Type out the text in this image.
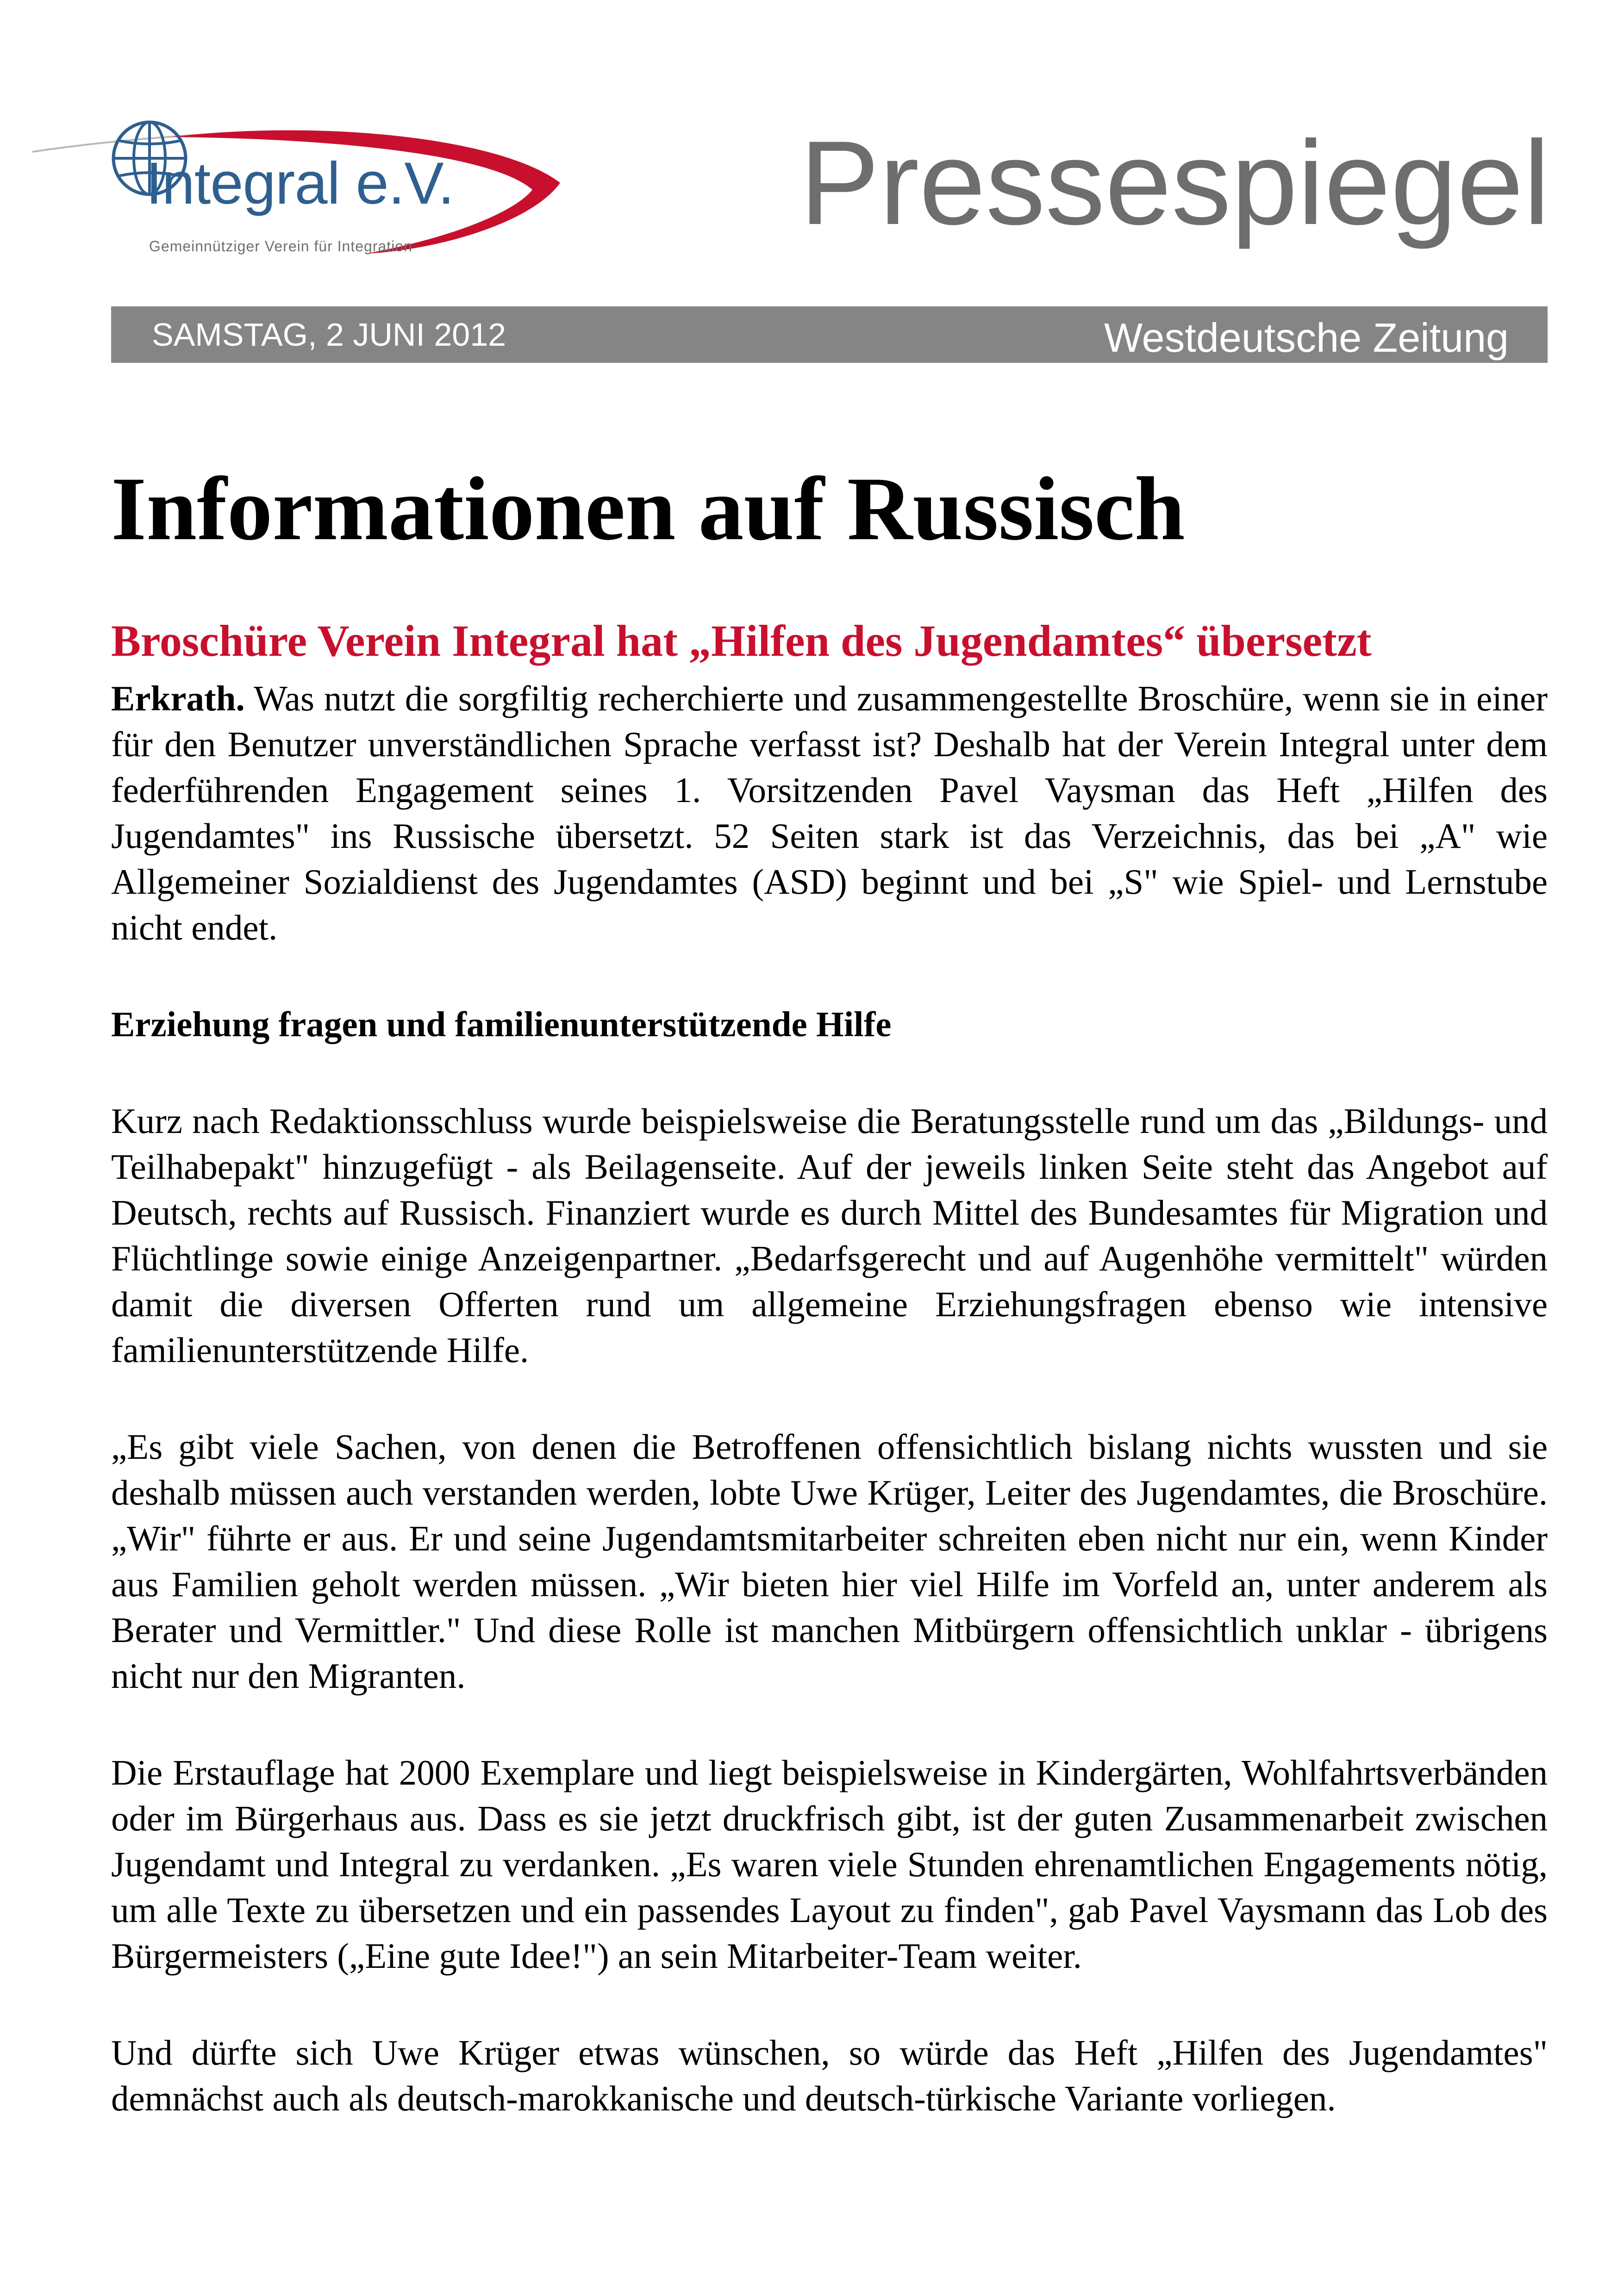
Integral e.V.
Gemeinnütziger Verein für Integration	Pressespiegel
SAMSTAG, 2 JUNI 2012	Westdeutsche Zeitung
Informationen auf Russisch
Broschüre Verein Integral hat „Hilfen des Jugendamtes“ übersetzt

Erkrath. Was nutzt die sorgfiltig recherchierte und zusammengestellte Broschüre, wenn sie in einer für den Benutzer unverständlichen Sprache verfasst ist? Deshalb hat der Verein Integral unter dem federführenden Engagement seines 1. Vorsitzenden Pavel Vaysman das Heft „Hilfen des Jugendamtes" ins Russische übersetzt. 52 Seiten stark ist das Verzeichnis, das bei „A" wie Allgemeiner Sozialdienst des Jugendamtes (ASD) beginnt und bei „S" wie Spiel- und Lernstube nicht endet.

Erziehung fragen und familienunterstützende Hilfe

Kurz nach Redaktionsschluss wurde beispielsweise die Beratungsstelle rund um das „Bildungs- und Teilhabepakt" hinzugefügt - als Beilagenseite. Auf der jeweils linken Seite steht das Angebot auf Deutsch, rechts auf Russisch. Finanziert wurde es durch Mittel des Bundesamtes für Migration und Flüchtlinge sowie einige Anzeigenpartner. „Bedarfsgerecht und auf Augenhöhe vermittelt" würden damit die diversen Offerten rund um allgemeine Erziehungsfragen ebenso wie intensive familienunterstützende Hilfe.

„Es gibt viele Sachen, von denen die Betroffenen offensichtlich bislang nichts wussten und sie deshalb müssen auch verstanden werden, lobte Uwe Krüger, Leiter des Jugendamtes, die Broschüre. „Wir" führte er aus. Er und seine Jugendamtsmitarbeiter schreiten eben nicht nur ein, wenn Kinder aus Familien geholt werden müssen. „Wir bieten hier viel Hilfe im Vorfeld an, unter anderem als Berater und Vermittler." Und diese Rolle ist manchen Mitbürgern offensichtlich unklar - übrigens nicht nur den Migranten.

Die Erstauflage hat 2000 Exemplare und liegt beispielsweise in Kindergärten, Wohlfahrtsverbänden oder im Bürgerhaus aus. Dass es sie jetzt druckfrisch gibt, ist der guten Zusammenarbeit zwischen Jugendamt und Integral zu verdanken. „Es waren viele Stunden ehrenamtlichen Engagements nötig, um alle Texte zu übersetzen und ein passendes Layout zu finden", gab Pavel Vaysmann das Lob des Bürgermeisters („Eine gute Idee!") an sein Mitarbeiter-Team weiter.

Und dürfte sich Uwe Krüger etwas wünschen, so würde das Heft „Hilfen des Jugendamtes" demnächst auch als deutsch-marokkanische und deutsch-türkische Variante vorliegen.
